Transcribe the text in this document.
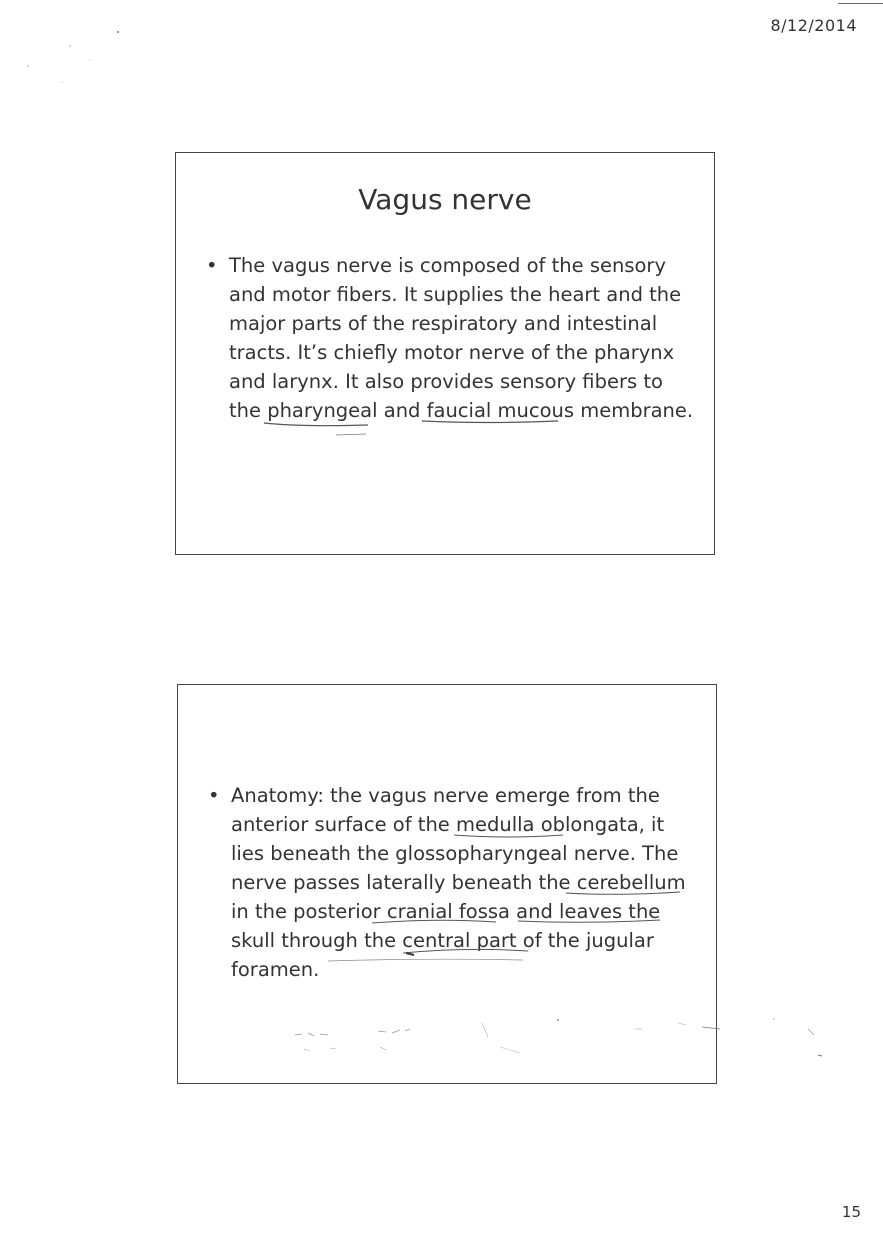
8/12/2014
Vagus nerve
• The vagus nerve is composed of the sensory and motor fibers. It supplies the heart and the major parts of the respiratory and intestinal tracts. It’s chiefly motor nerve of the pharynx and larynx. It also provides sensory fibers to the pharyngeal and faucial mucous membrane.
• Anatomy: the vagus nerve emerge from the anterior surface of the medulla oblongata, it lies beneath the glossopharyngeal nerve. The nerve passes laterally beneath the cerebellum in the posterior cranial fossa and leaves the skull through the central part of the jugular foramen.
15
